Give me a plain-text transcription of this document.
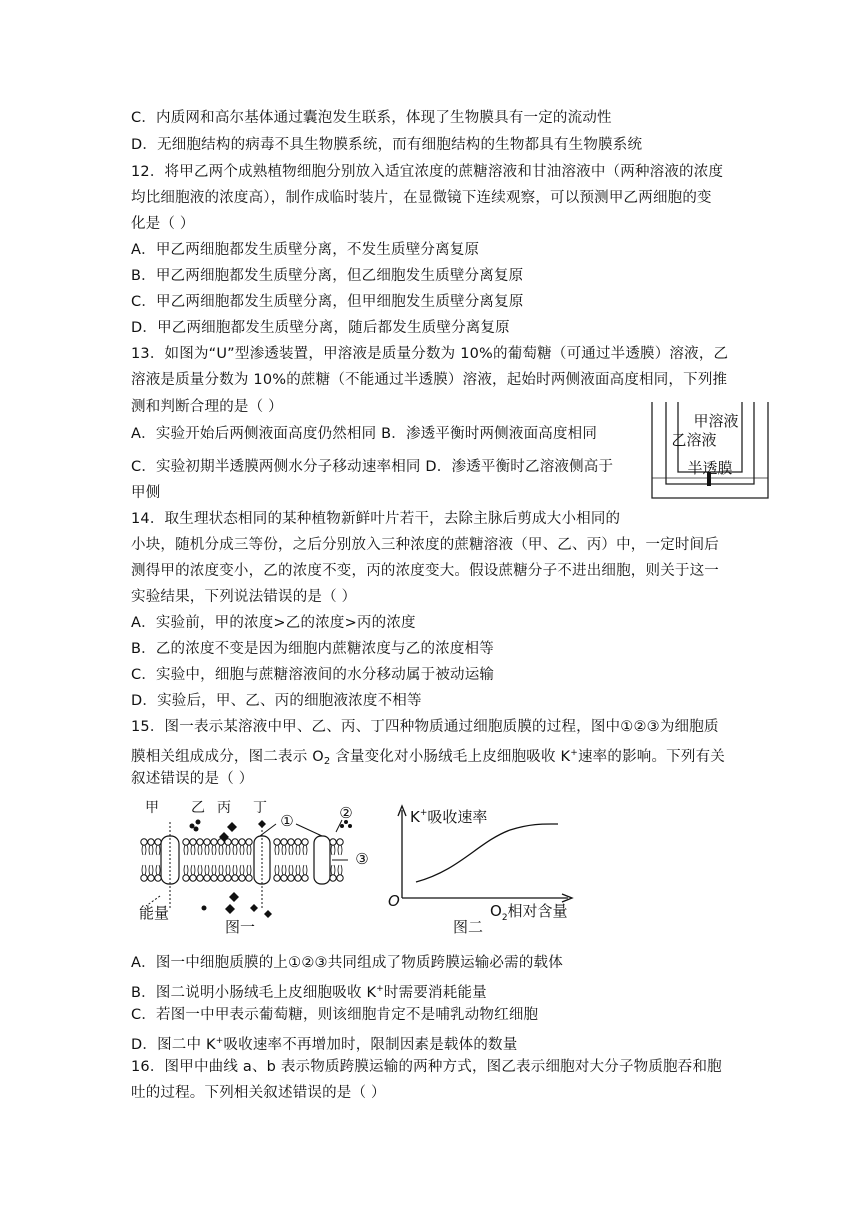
C．内质网和高尔基体通过囊泡发生联系，体现了生物膜具有一定的流动性
D．无细胞结构的病毒不具生物膜系统，而有细胞结构的生物都具有生物膜系统
12．将甲乙两个成熟植物细胞分别放入适宜浓度的蔗糖溶液和甘油溶液中（两种溶液的浓度
均比细胞液的浓度高），制作成临时装片，在显微镜下连续观察，可以预测甲乙两细胞的变
化是（ ）
A．甲乙两细胞都发生质壁分离，不发生质壁分离复原
B．甲乙两细胞都发生质壁分离，但乙细胞发生质壁分离复原
C．甲乙两细胞都发生质壁分离，但甲细胞发生质壁分离复原
D．甲乙两细胞都发生质壁分离，随后都发生质壁分离复原
13．如图为“U”型渗透装置，甲溶液是质量分数为 10%的葡萄糖（可通过半透膜）溶液，乙
溶液是质量分数为 10%的蔗糖（不能通过半透膜）溶液，起始时两侧液面高度相同，下列推
测和判断合理的是（ ）
A．实验开始后两侧液面高度仍然相同 B．渗透平衡时两侧液面高度相同
C．实验初期半透膜两侧水分子移动速率相同 D．渗透平衡时乙溶液侧高于
甲侧
14．取生理状态相同的某种植物新鲜叶片若干，去除主脉后剪成大小相同的
小块，随机分成三等份，之后分别放入三种浓度的蔗糖溶液（甲、乙、丙）中，一定时间后
测得甲的浓度变小，乙的浓度不变，丙的浓度变大。假设蔗糖分子不进出细胞，则关于这一
实验结果，下列说法错误的是（ ）
A．实验前，甲的浓度>乙的浓度>丙的浓度
B．乙的浓度不变是因为细胞内蔗糖浓度与乙的浓度相等
C．实验中，细胞与蔗糖溶液间的水分移动属于被动运输
D．实验后，甲、乙、丙的细胞液浓度不相等
15．图一表示某溶液中甲、乙、丙、丁四种物质通过细胞质膜的过程，图中①②③为细胞质
膜相关组成成分，图二表示 $O_2$ 含量变化对小肠绒毛上皮细胞吸收 K+速率的影响。下列有关
叙述错误的是（ ）
A．图一中细胞质膜的上①②③共同组成了物质跨膜运输必需的载体
B．图二说明小肠绒毛上皮细胞吸收 K+时需要消耗能量
C．若图一中甲表示葡萄糖，则该细胞肯定不是哺乳动物红细胞
D．图二中 K+吸收速率不再增加时，限制因素是载体的数量
16．图甲中曲线 a、b 表示物质跨膜运输的两种方式，图乙表示细胞对大分子物质胞吞和胞
吐的过程。下列相关叙述错误的是（ ）
甲溶液
乙溶液
半透膜
甲 乙 丙 丁
①	②
③
能量
图一
K+吸收速率
O
$O_2$相对含量
图二
